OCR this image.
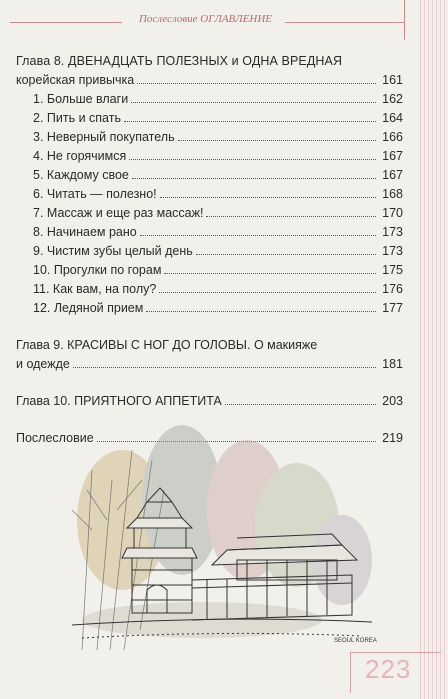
Послесловие ОГЛАВЛЕНИЕ
Глава 8. ДВЕНАДЦАТЬ ПОЛЕЗНЫХ и ОДНА ВРЕДНАЯ
корейская привычка	161
1. Больше влаги	162
2. Пить и спать	164
3. Неверный покупатель	166
4. Не горячимся	167
5. Каждому свое	167
6. Читать — полезно!	168
7. Массаж и еще раз массаж!	170
8. Начинаем рано	173
9. Чистим зубы целый день	173
10. Прогулки по горам	175
11. Как вам, на полу?	176
12. Ледяной прием	177
Глава 9. КРАСИВЫ С НОГ ДО ГОЛОВЫ. О макияже
и одежде	181
Глава 10. ПРИЯТНОГО АППЕТИТА	203
Послесловие	219
SEOUL KOREA
223
